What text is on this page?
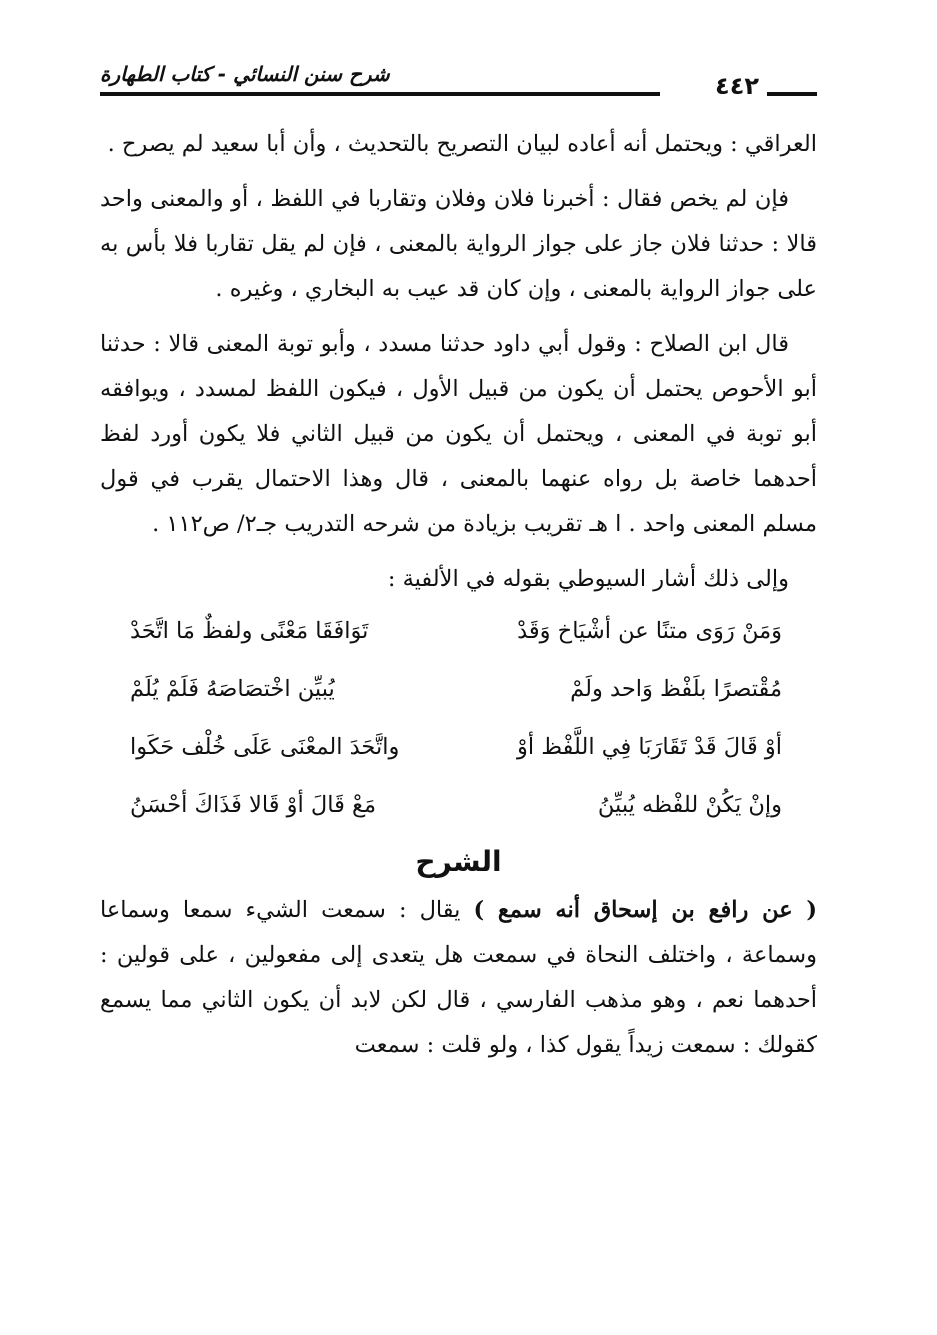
٤٤٢
شرح سنن النسائي - كتاب الطهارة

العراقي : ويحتمل أنه أعاده لبيان التصريح بالتحديث ، وأن أبا سعيد لم يصرح .

فإن لم يخص فقال : أخبرنا فلان وفلان وتقاربا في اللفظ ، أو والمعنى واحد قالا : حدثنا فلان جاز على جواز الرواية بالمعنى ، فإن لم يقل تقاربا فلا بأس به على جواز الرواية بالمعنى ، وإن كان قد عيب به البخاري ، وغيره .

قال ابن الصلاح : وقول أبي داود حدثنا مسدد ، وأبو توبة المعنى قالا : حدثنا أبو الأحوص يحتمل أن يكون من قبيل الأول ، فيكون اللفظ لمسدد ، ويوافقه أبو توبة في المعنى ، ويحتمل أن يكون من قبيل الثاني فلا يكون أورد لفظ أحدهما خاصة بل رواه عنهما بالمعنى ، قال وهذا الاحتمال يقرب في قول مسلم المعنى واحد . ا هـ تقريب بزيادة من شرحه التدريب جـ٢/ ص١١٢ .

وإلى ذلك أشار السيوطي بقوله في الألفية :

وَمَنْ رَوَى متنًا عن أشْيَاخ وَقَدْ
تَوَافَقَا مَعْنًى ولفظٌ مَا اتَّحَدْ
مُقْتصرًا بلَفْظ وَاحد ولَمْ
يُبيِّن اخْتصَاصَهُ فَلَمْ يُلَمْ
أوْ قَالَ قَدْ تَقَارَبَا فِي اللَّفْظ أوْ
واتَّحَدَ المعْنَى عَلَى خُلْف حَكَوا
وإنْ يَكُنْ للفْظه يُبيِّنُ
مَعْ قَالَ أوْ قَالا فَذَاكَ أحْسَنُ
الشرح

( عن رافع بن إسحاق أنه سمع ) يقال : سمعت الشيء سمعا وسماعا وسماعة ، واختلف النحاة في سمعت هل يتعدى إلى مفعولين ، على قولين : أحدهما نعم ، وهو مذهب الفارسي ، قال لكن لابد أن يكون الثاني مما يسمع كقولك : سمعت زيداً يقول كذا ، ولو قلت : سمعت
